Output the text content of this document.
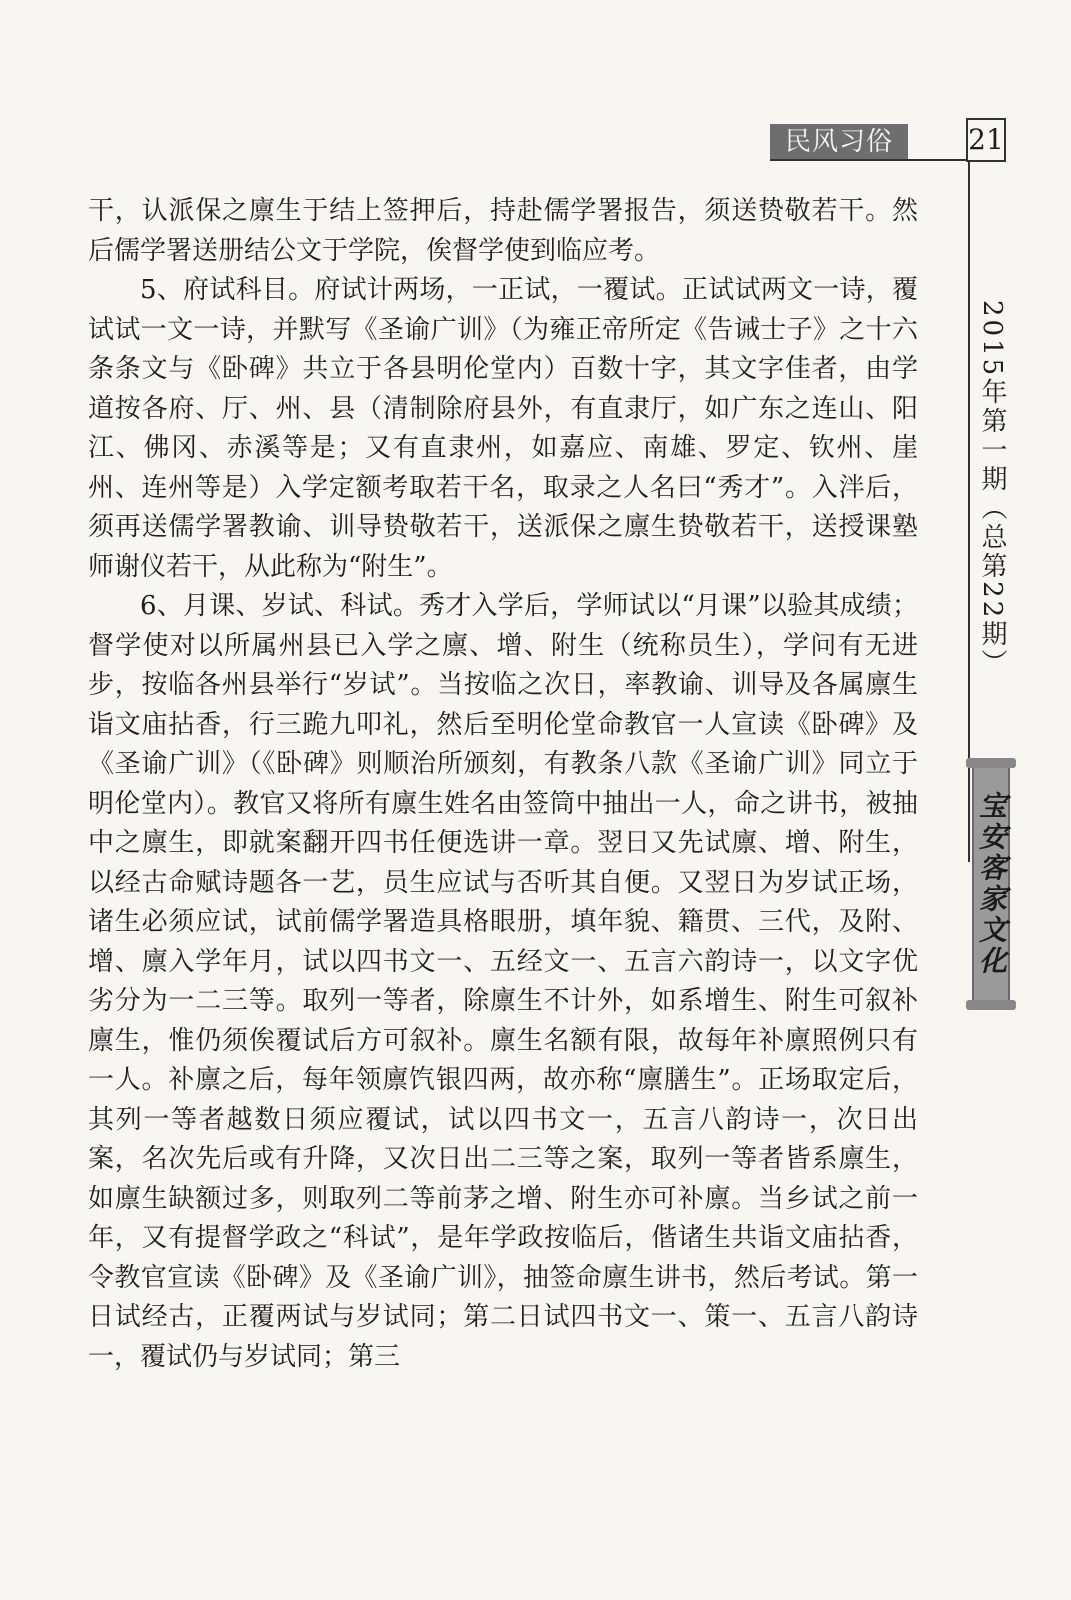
民风习俗	21
2015年第一期（总第22期）
宝安客家文化

干，认派保之廪生于结上签押后，持赴儒学署报告，须送贽敬若干。然后儒学署送册结公文于学院，俟督学使到临应考。

5、府试科目。府试计两场，一正试，一覆试。正试试两文一诗，覆试试一文一诗，并默写《圣谕广训》（为雍正帝所定《告诫士子》之十六条条文与《卧碑》共立于各县明伦堂内）百数十字，其文字佳者，由学道按各府、厅、州、县（清制除府县外，有直隶厅，如广东之连山、阳江、佛冈、赤溪等是；又有直隶州，如嘉应、南雄、罗定、钦州、崖州、连州等是）入学定额考取若干名，取录之人名曰“秀才”。入泮后，须再送儒学署教谕、训导贽敬若干，送派保之廪生贽敬若干，送授课塾师谢仪若干，从此称为“附生”。

6、月课、岁试、科试。秀才入学后，学师试以“月课”以验其成绩；督学使对以所属州县已入学之廪、增、附生（统称员生），学问有无进步，按临各州县举行“岁试”。当按临之次日，率教谕、训导及各属廪生诣文庙拈香，行三跪九叩礼，然后至明伦堂命教官一人宣读《卧碑》及《圣谕广训》（《卧碑》则顺治所颁刻，有教条八款《圣谕广训》同立于明伦堂内）。教官又将所有廪生姓名由签筒中抽出一人，命之讲书，被抽中之廪生，即就案翻开四书任便选讲一章。翌日又先试廪、增、附生，以经古命赋诗题各一艺，员生应试与否听其自便。又翌日为岁试正场，诸生必须应试，试前儒学署造具格眼册，填年貌、籍贯、三代，及附、增、廪入学年月，试以四书文一、五经文一、五言六韵诗一，以文字优劣分为一二三等。取列一等者，除廪生不计外，如系增生、附生可叙补廪生，惟仍须俟覆试后方可叙补。廪生名额有限，故每年补廪照例只有一人。补廪之后，每年领廪饩银四两，故亦称“廪膳生”。正场取定后，其列一等者越数日须应覆试，试以四书文一，五言八韵诗一，次日出案，名次先后或有升降，又次日出二三等之案，取列一等者皆系廪生，如廪生缺额过多，则取列二等前茅之增、附生亦可补廪。当乡试之前一年，又有提督学政之“科试”，是年学政按临后，偕诸生共诣文庙拈香，令教官宣读《卧碑》及《圣谕广训》，抽签命廪生讲书，然后考试。第一日试经古，正覆两试与岁试同；第二日试四书文一、策一、五言八韵诗一，覆试仍与岁试同；第三
